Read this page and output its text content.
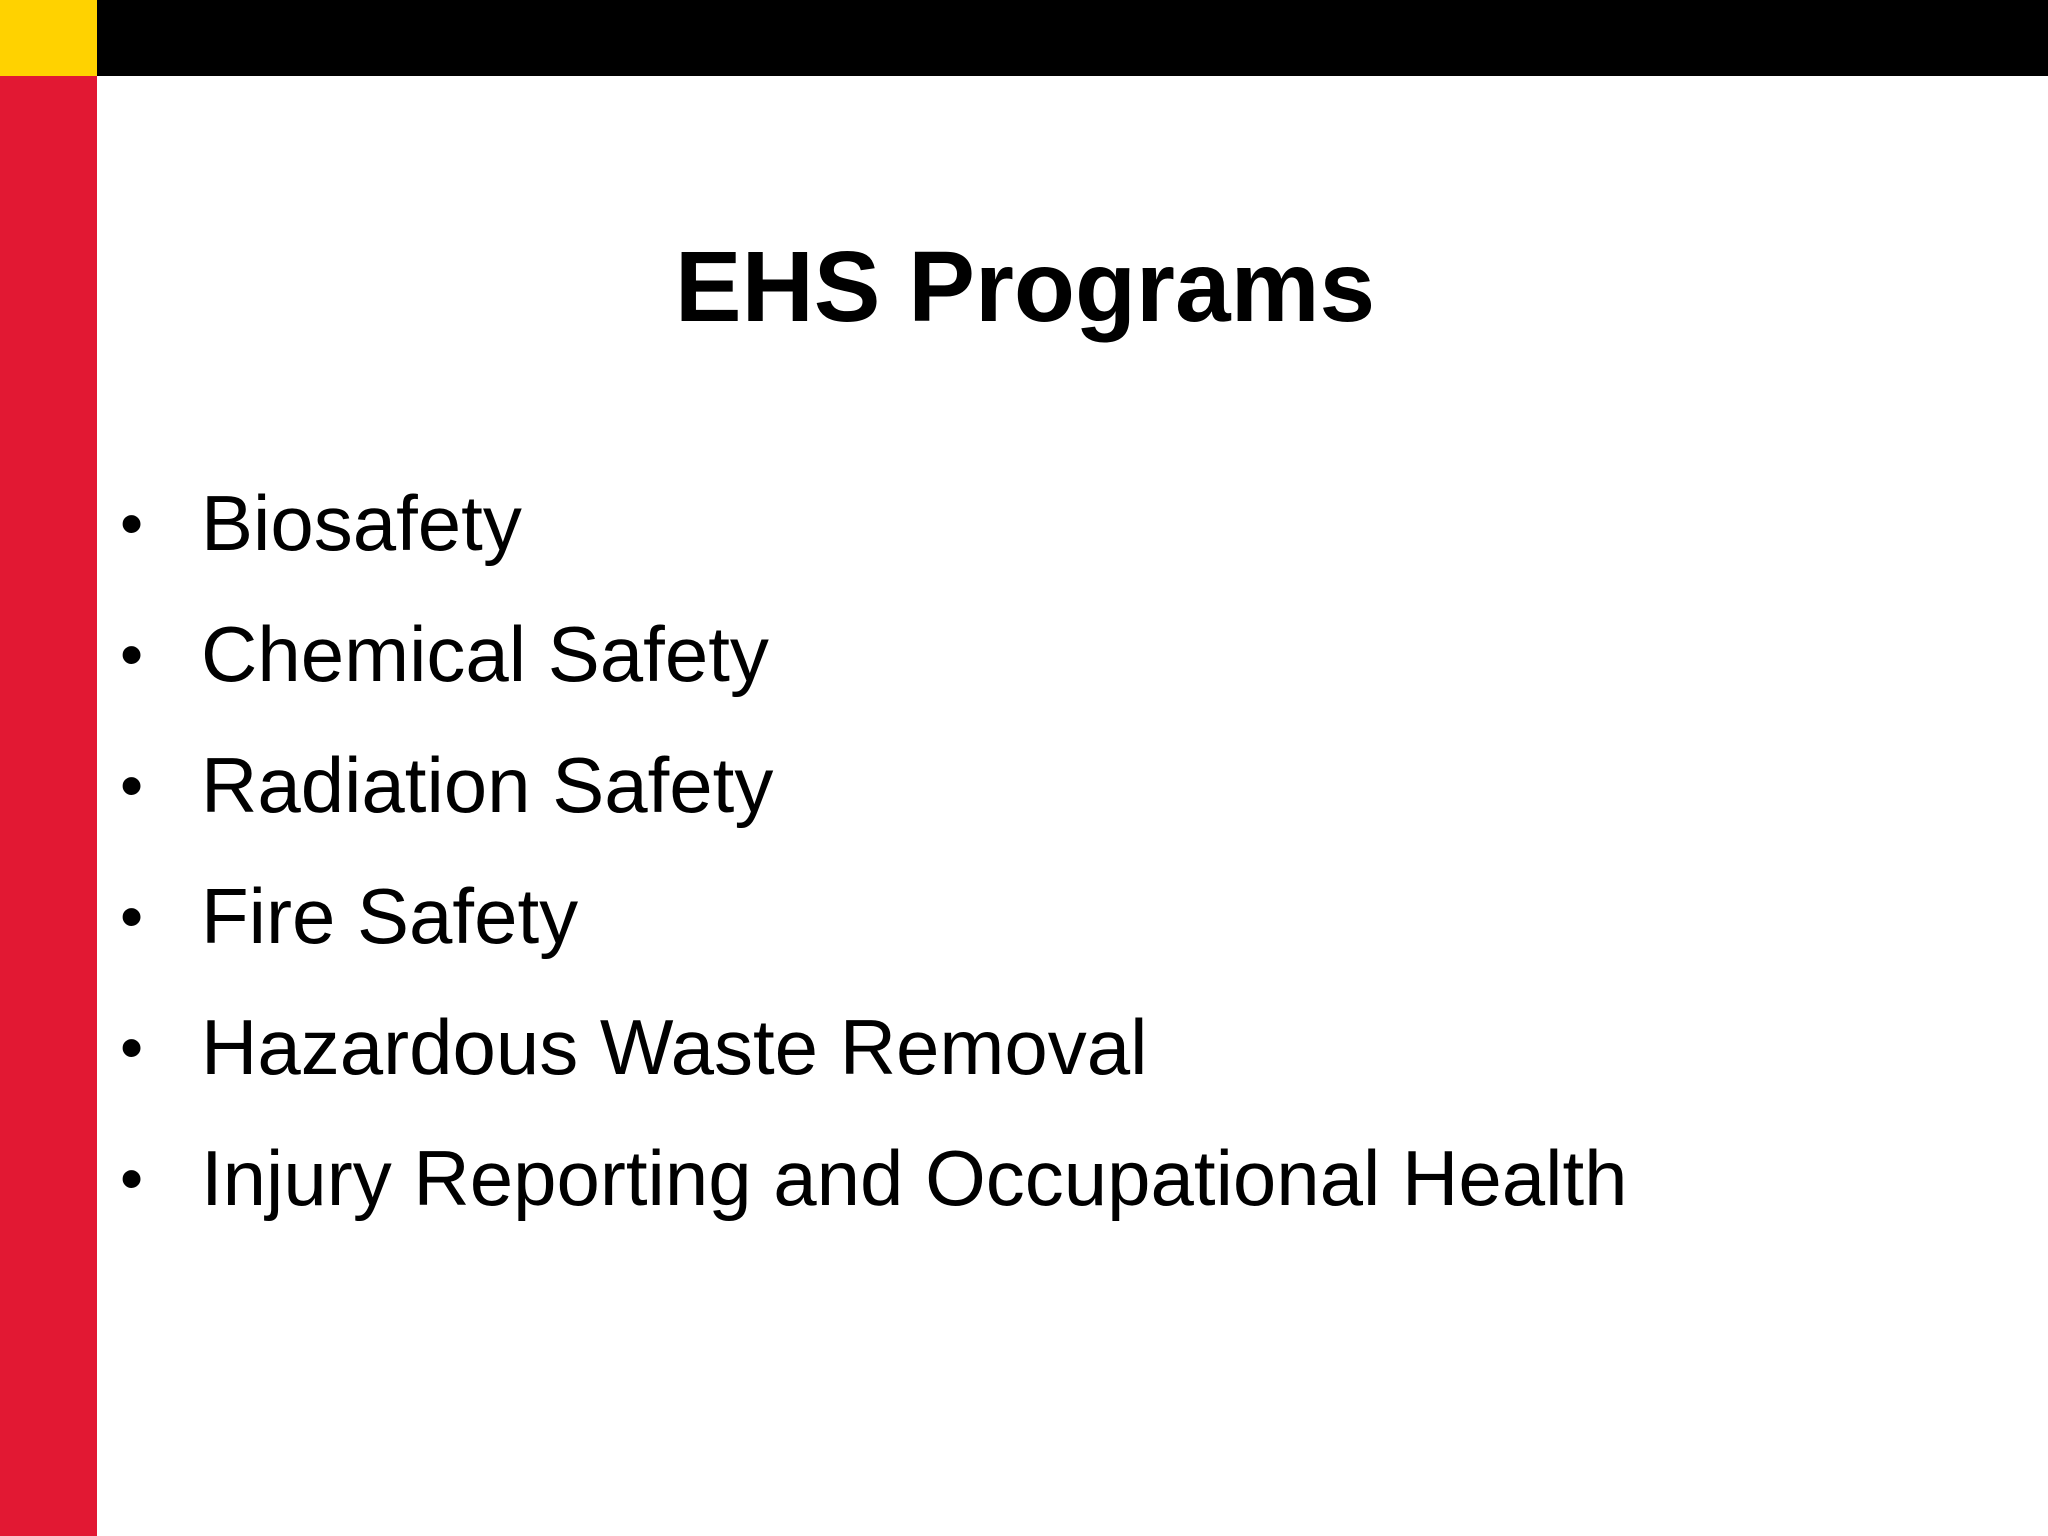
EHS Programs
• Biosafety
• Chemical Safety
• Radiation Safety
• Fire Safety
• Hazardous Waste Removal
• Injury Reporting and Occupational Health
